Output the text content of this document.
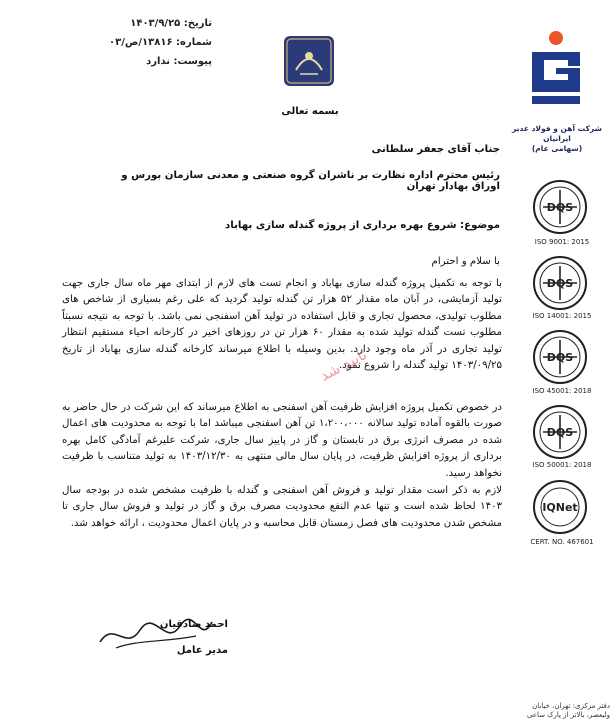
تاریخ: ۱۴۰۳/۹/۲۵
شماره: ۱۳۸۱۶/ص/۰۳
پیوست: ندارد
بسمه تعالی
شرکت آهن و فولاد غدیر ایرانیان
(سهامی عام)
DQS
ISO 9001: 2015
DQS
ISO 14001: 2015
DQS
ISO 45001: 2018
DQS
ISO 50001: 2018
IQNet
CERT. NO. 467601
جناب آقای جعفر سلطانی
رئیس محترم اداره نظارت بر ناشران گروه صنعتی و معدنی سازمان بورس و اوراق بهادار تهران
موضوع: شروع بهره برداری از پروژه گندله سازی بهاباد
با سلام و احترام
با توجه به تکمیل پروژه گندله سازی بهاباد و انجام تست های لازم از ابتدای مهر ماه سال جاری جهت تولید آزمایشی، در آبان ماه مقدار ۵۲ هزار تن گندله تولید گردید که علی رغم بسیاری از شاخص های مطلوب تولیدی، محصول تجاری و قابل استفاده در تولید آهن اسفنجی نمی باشد. با توجه به نتیجه نسبتاً مطلوب تست گندله تولید شده به مقدار ۶۰ هزار تن در روزهای اخیر در کارخانه احیاء مستقیم انتظار تولید تجاری در آذر ماه وجود دارد. بدین وسیله با اطلاع میرساند کارخانه گندله سازی بهاباد از تاریخ ۱۴۰۳/۰۹/۲۵ تولید گندله را شروع نمود.
در خصوص تکمیل پروژه افزایش ظرفیت آهن اسفنجی به اطلاع میرساند که این شرکت در حال حاضر به صورت بالقوه آماده تولید سالانه ۱،۲۰۰،۰۰۰ تن آهن اسفنجی میباشد اما با توجه به محدودیت های اعمال شده در مصرف انرژی برق در تابستان و گاز در پاییز سال جاری، شرکت علیرغم آمادگی کامل بهره برداری از پروژه افزایش ظرفیت، در پایان سال مالی منتهی به ۱۴۰۳/۱۲/۳۰ به تولید متناسب با ظرفیت نخواهد رسید.
لازم به ذکر است مقدار تولید و فروش آهن اسفنجی و گندله با ظرفیت مشخص شده در بودجه سال ۱۴۰۳ لحاظ شده است و تنها عدم النفع محدودیت مصرف برق و گاز در تولید و فروش سال جاری تا مشخص شدن محدودیت های فصل زمستان قابل محاسبه و در پایان اعمال محدودیت ، ارائه خواهد شد.
تایید شد
احمد صادقیان
مدیر عامل
دفتر مرکزی: تهران، خیابان
ولیعصر، بالاتر از پارک ساعی
